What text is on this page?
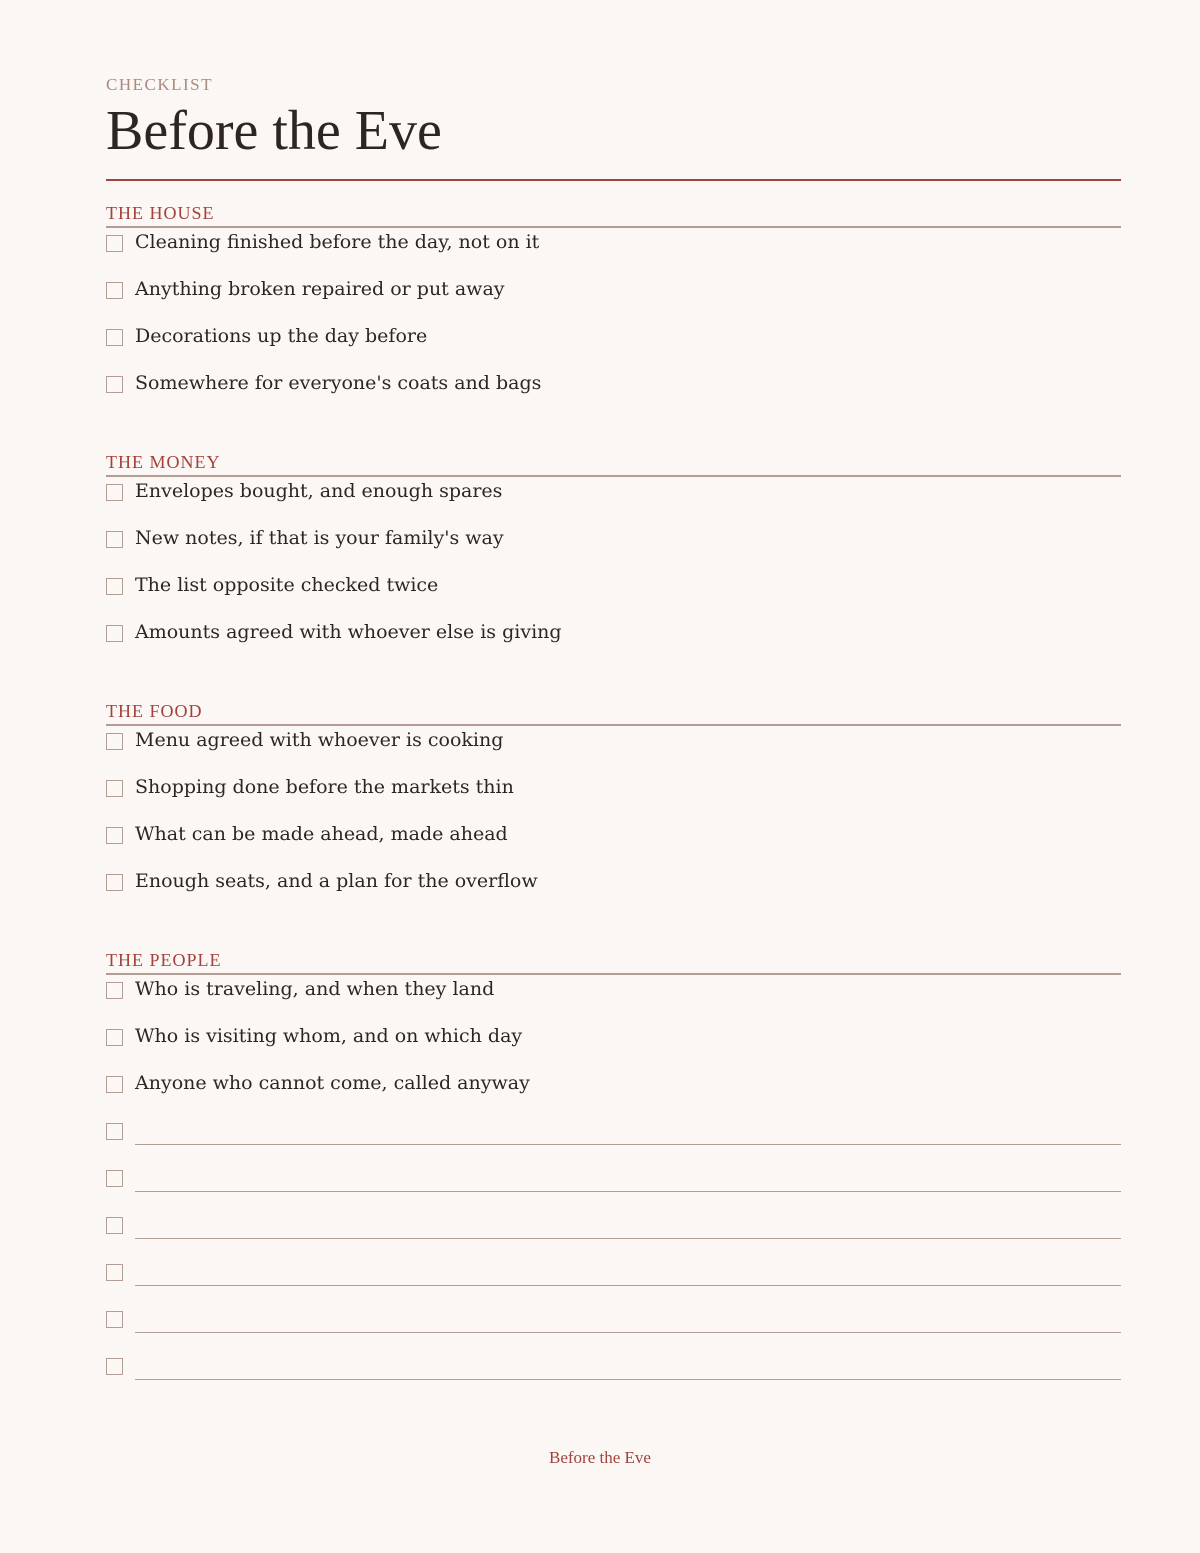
CHECKLIST
Before the Eve
THE HOUSE
Cleaning finished before the day, not on it
Anything broken repaired or put away
Decorations up the day before
Somewhere for everyone's coats and bags
THE MONEY
Envelopes bought, and enough spares
New notes, if that is your family's way
The list opposite checked twice
Amounts agreed with whoever else is giving
THE FOOD
Menu agreed with whoever is cooking
Shopping done before the markets thin
What can be made ahead, made ahead
Enough seats, and a plan for the overflow
THE PEOPLE
Who is traveling, and when they land
Who is visiting whom, and on which day
Anyone who cannot come, called anyway
Before the Eve
